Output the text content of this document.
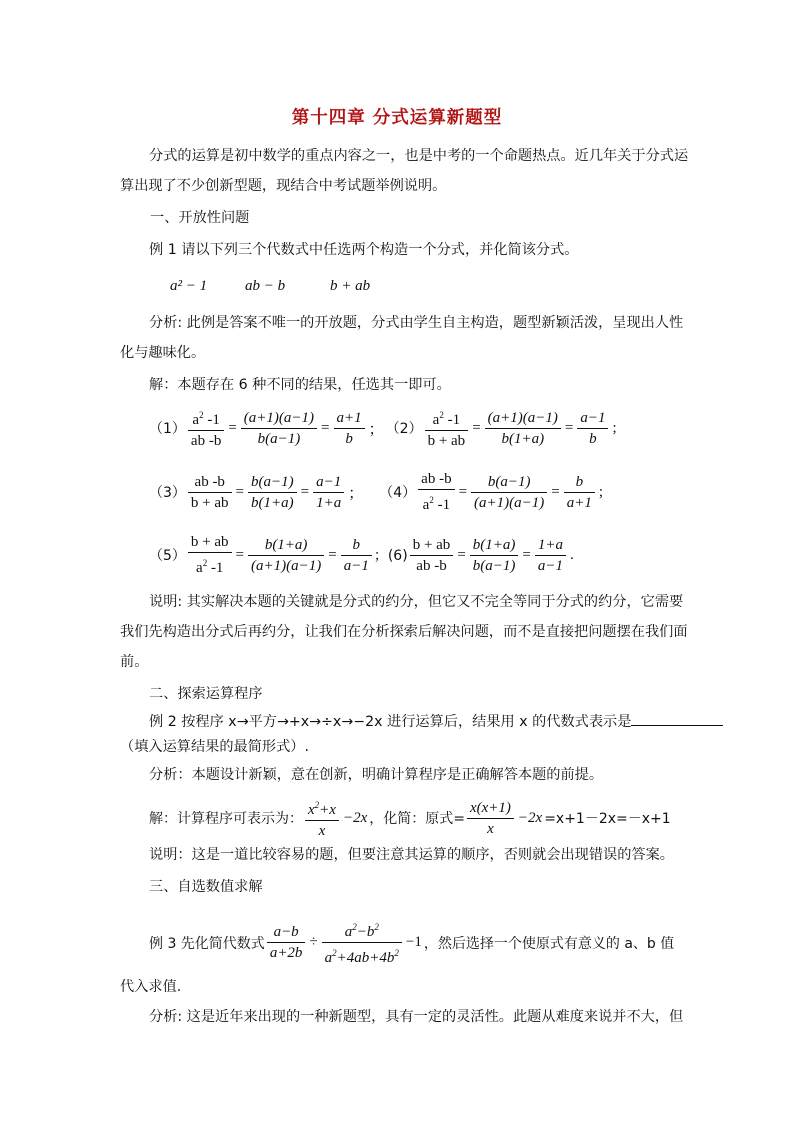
第十四章 分式运算新题型
分式的运算是初中数学的重点内容之一，也是中考的一个命题热点。近几年关于分式运
算出现了不少创新型题，现结合中考试题举例说明。
一、开放性问题
例 1 请以下列三个代数式中任选两个构造一个分式，并化简该分式。
a² − 1	ab − b	b + ab
分析: 此例是答案不唯一的开放题，分式由学生自主构造，题型新颖活泼，呈现出人性
化与趣味化。
解：本题存在 6 种不同的结果，任选其一即可。
$(1) \frac{a^2 -1}{ab -b} = \frac{(a+1)(a-1)}{b(a-1)} = \frac{a+1}{b}$ ； $(2) \frac{a^2 -1}{b + ab} = \frac{(a+1)(a-1)}{b(1+a)} = \frac{a-1}{b}$ ;
$(3) \frac{ab -b}{b + ab} = \frac{b(a-1)}{b(1+a)} = \frac{a-1}{1+a}$ ； $(4) \frac{ab -b}{a^2 -1} = \frac{b(a-1)}{(a+1)(a-1)} = \frac{b}{a+1}$ ;
$(5) \frac{b + ab}{a^2 -1} = \frac{b(1+a)}{(a+1)(a-1)} = \frac{b}{a-1}$ ；$(6) \frac{b + ab}{ab -b} = \frac{b(1+a)}{b(a-1)} = \frac{1+a}{a-1}$ .
说明: 其实解决本题的关键就是分式的约分，但它又不完全等同于分式的约分，它需要
我们先构造出分式后再约分，让我们在分析探索后解决问题，而不是直接把问题摆在我们面
前。
二、探索运算程序
例 2 按程序 x→平方→+x→÷x→−2x 进行运算后，结果用 x 的代数式表示是
（填入运算结果的最简形式）.
分析：本题设计新颖，意在创新，明确计算程序是正确解答本题的前提。
解：计算程序可表示为： $\frac{x^2+x}{x} -2x$ ，化简：原式= $\frac{x(x+1)}{x} -2x =x+1-2x=-x+1$
说明：这是一道比较容易的题，但要注意其运算的顺序，否则就会出现错误的答案。
三、自选数值求解
例 3 先化简代数式 $\frac{a-b}{a+2b} \div \frac{a^2-b^2}{a^2+4ab+4b^2} -1$ ，然后选择一个使原式有意义的 a、b 值
代入求值.
分析: 这是近年来出现的一种新题型，具有一定的灵活性。此题从难度来说并不大，但
